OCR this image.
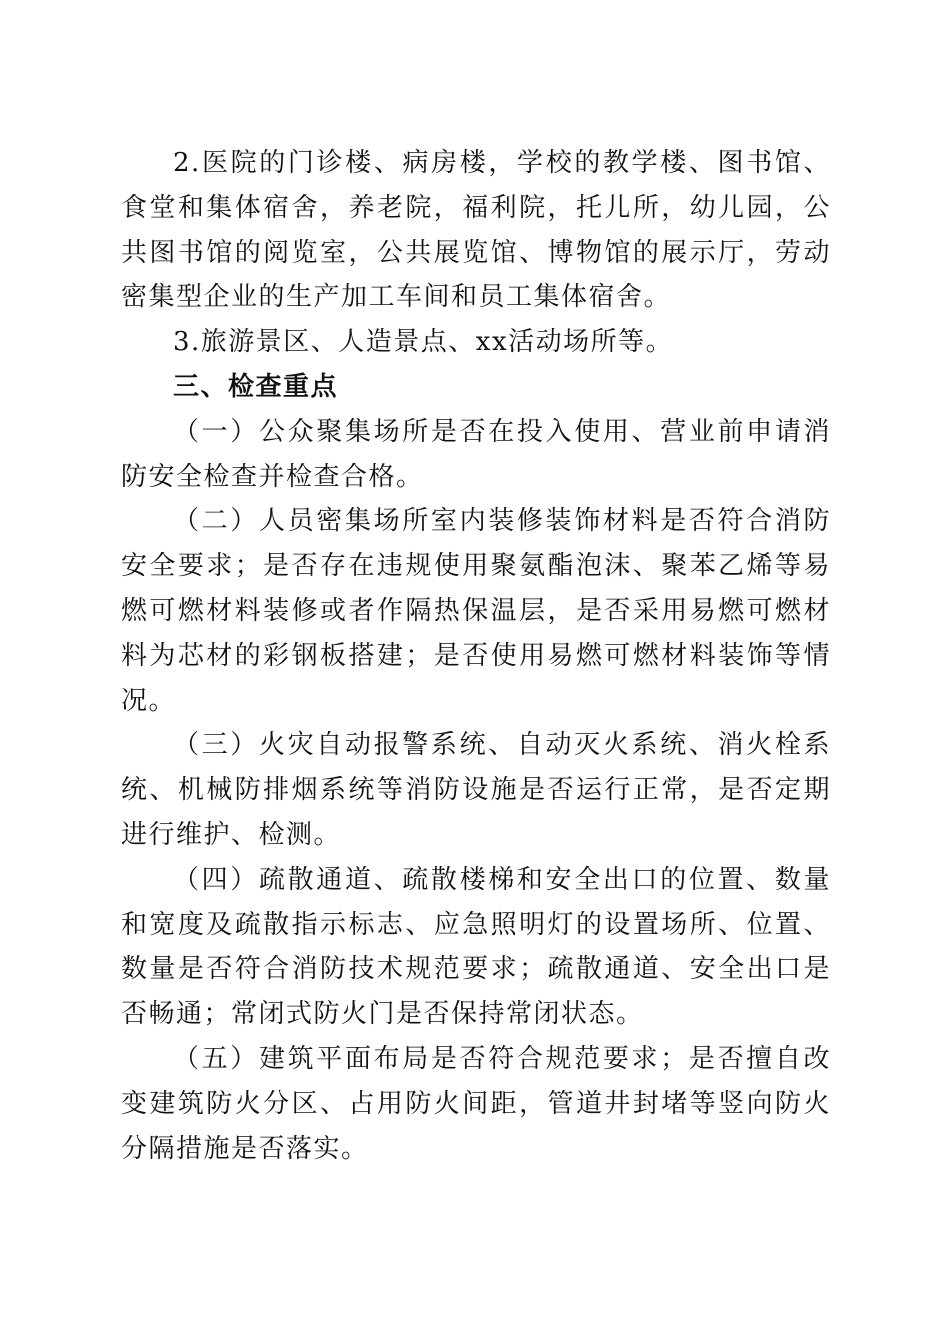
2.医院的门诊楼、病房楼，学校的教学楼、图书馆、食堂和集体宿舍，养老院，福利院，托儿所，幼儿园，公共图书馆的阅览室，公共展览馆、博物馆的展示厅，劳动密集型企业的生产加工车间和员工集体宿舍。

3.旅游景区、人造景点、xx活动场所等。

三、检查重点

（一）公众聚集场所是否在投入使用、营业前申请消防安全检查并检查合格。

（二）人员密集场所室内装修装饰材料是否符合消防安全要求；是否存在违规使用聚氨酯泡沫、聚苯乙烯等易燃可燃材料装修或者作隔热保温层，是否采用易燃可燃材料为芯材的彩钢板搭建；是否使用易燃可燃材料装饰等情况。

（三）火灾自动报警系统、自动灭火系统、消火栓系统、机械防排烟系统等消防设施是否运行正常，是否定期进行维护、检测。

（四）疏散通道、疏散楼梯和安全出口的位置、数量和宽度及疏散指示标志、应急照明灯的设置场所、位置、数量是否符合消防技术规范要求；疏散通道、安全出口是否畅通；常闭式防火门是否保持常闭状态。

（五）建筑平面布局是否符合规范要求；是否擅自改变建筑防火分区、占用防火间距，管道井封堵等竖向防火分隔措施是否落实。
